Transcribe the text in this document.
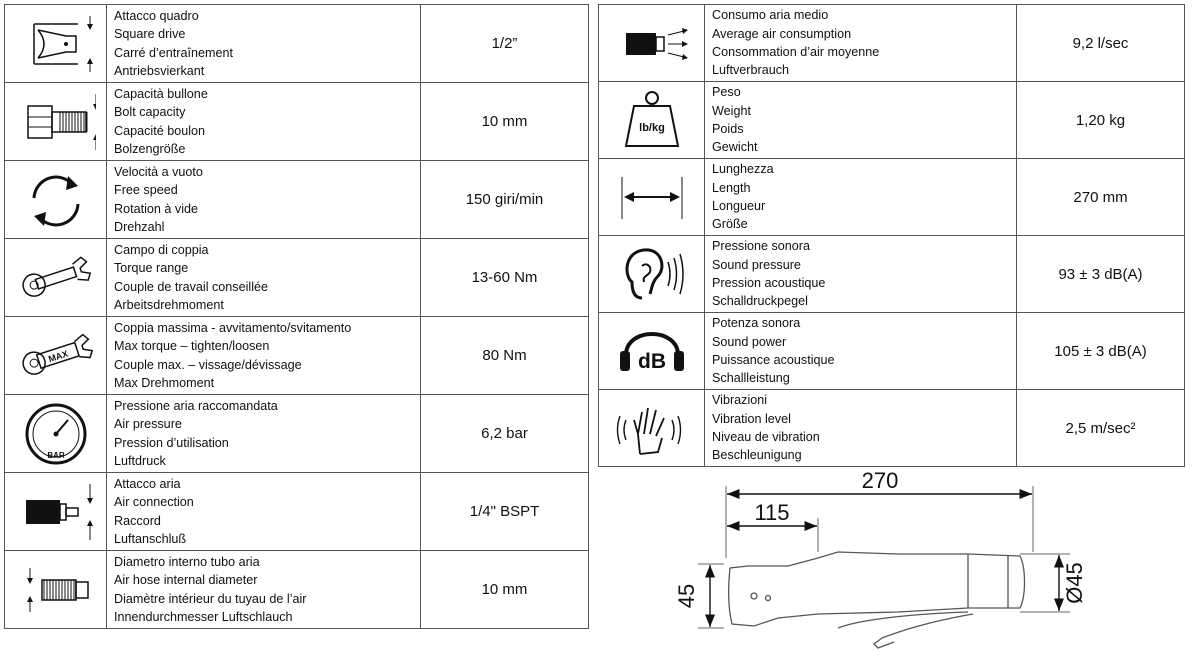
Attacco quadro
Square drive
Carré d’entraînement
Antriebsvierkant	1/2”

Capacità bullone
Bolt capacity
Capacité boulon
Bolzengröße	10 mm

Velocità a vuoto
Free speed
Rotation à vide
Drehzahl	150 giri/min

Campo di coppia
Torque range
Couple de travail conseillée
Arbeitsdrehmoment	13-60 Nm

MAX	Coppia massima - avvitamento/svitamento
Max torque – tighten/loosen
Couple max. – vissage/dévissage
Max Drehmoment	80 Nm

BAR	Pressione aria raccomandata
Air pressure
Pression d’utilisation
Luftdruck	6,2 bar

Attacco aria
Air connection
Raccord
Luftanschluß	1/4" BSPT

Diametro interno tubo aria
Air hose internal diameter
Diamètre intérieur du tuyau de l’air
Innendurchmesser Luftschlauch	10 mm

Consumo aria medio
Average air consumption
Consommation d’air moyenne
Luftverbrauch	9,2 l/sec

lb/kg	Peso
Weight
Poids
Gewicht	1,20 kg

Lunghezza
Length
Longueur
Größe	270 mm

Pressione sonora
Sound pressure
Pression acoustique
Schalldruckpegel	93 ± 3 dB(A)

dB	Potenza sonora
Sound power
Puissance acoustique
Schallleistung	105 ± 3 dB(A)

Vibrazioni
Vibration level
Niveau de vibration
Beschleunigung	2,5 m/sec²
270
115
45	Ø45
